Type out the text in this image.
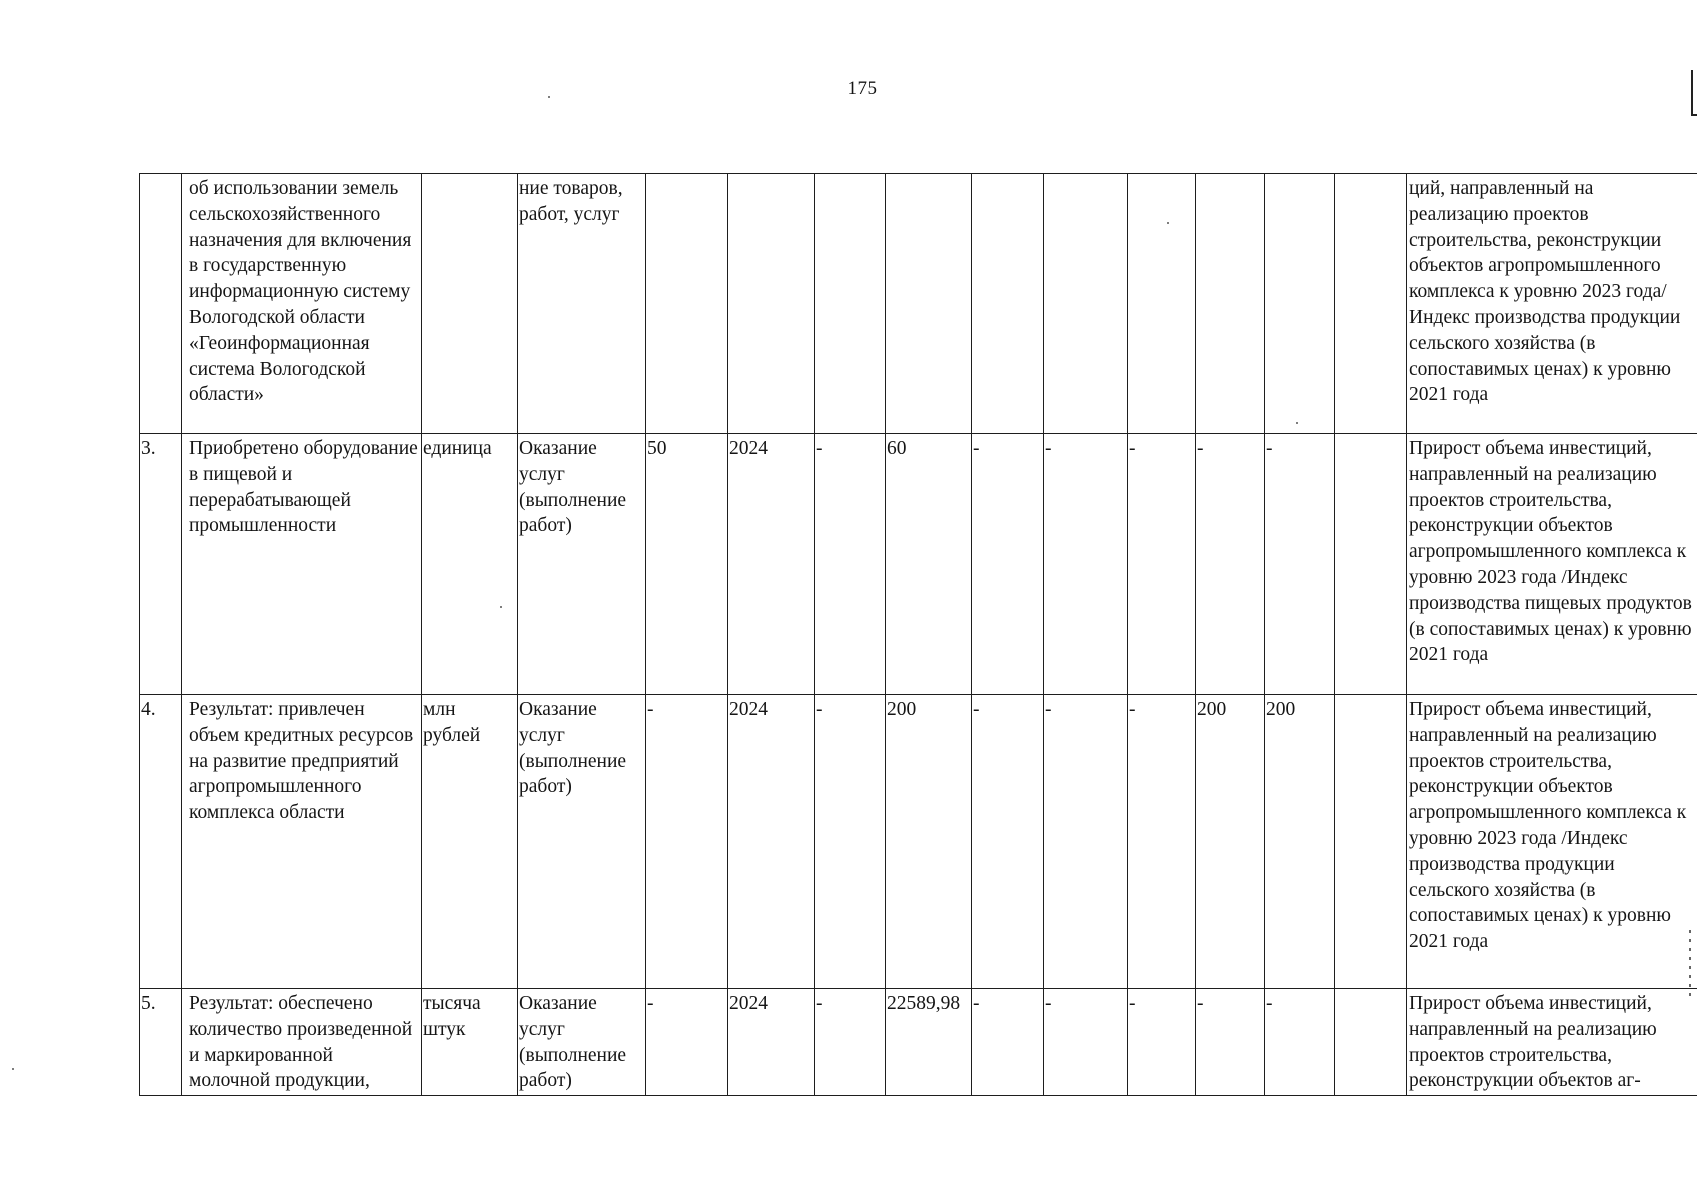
175
	об использовании земель сельскохозяйственного назначения для включения в государственную информационную систему Вологодской области «Геоинформационная система Вологодской области»		ние товаров, работ, услуг												ций, направленный на реализацию проектов строительства, реконструкции объектов агропромышленного комплекса к уровню 2023 года/Индекс производства продукции сельского хозяйства (в сопоставимых ценах) к уровню 2021 года
3.	Приобретено оборудование в пищевой и перерабатывающей промышленности	единица	Оказание услуг (выполнение работ)	50	2024	-	60	-	-	-	-	-			Прирост объема инвестиций, направленный на реализацию проектов строительства, реконструкции объектов агропромышленного комплекса к уровню 2023 года /Индекс производства пищевых продуктов (в сопоставимых ценах) к уровню 2021 года
4.	Результат: привлечен объем кредитных ресурсов на развитие предприятий агропромышленного комплекса области	млн рублей	Оказание услуг (выполнение работ)	-	2024	-	200	-	-	-	200	200			Прирост объема инвестиций, направленный на реализацию проектов строительства, реконструкции объектов агропромышленного комплекса к уровню 2023 года /Индекс производства продукции сельского хозяйства (в сопоставимых ценах) к уровню 2021 года
5.	Результат: обеспечено количество произведенной и маркированной молочной продукции,	тысяча штук	Оказание услуг (выполнение работ)	-	2024	-	22589,98	-	-	-	-	-			Прирост объема инвестиций, направленный на реализацию проектов строительства, реконструкции объектов аг-
